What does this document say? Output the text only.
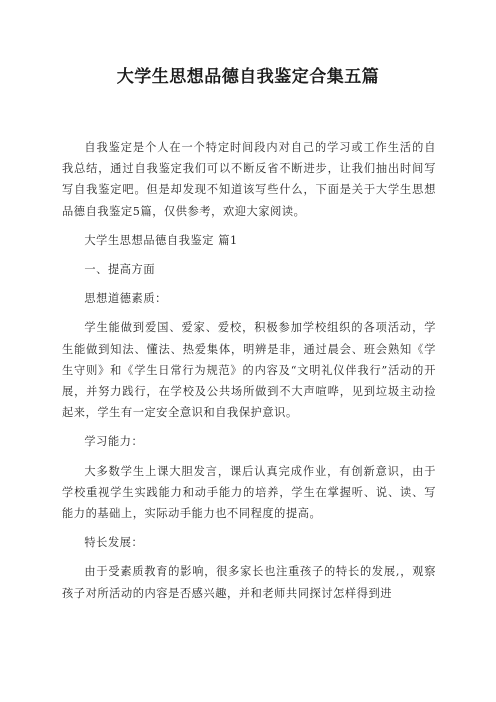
大学生思想品德自我鉴定合集五篇

自我鉴定是个人在一个特定时间段内对自己的学习或工作生活的自我总结，通过自我鉴定我们可以不断反省不断进步，让我们抽出时间写写自我鉴定吧。但是却发现不知道该写些什么，下面是关于大学生思想品德自我鉴定5篇，仅供参考，欢迎大家阅读。

大学生思想品德自我鉴定 篇1

一、提高方面

思想道德素质：

学生能做到爱国、爱家、爱校，积极参加学校组织的各项活动，学生能做到知法、懂法、热爱集体，明辨是非，通过晨会、班会熟知《学生守则》和《学生日常行为规范》的内容及“文明礼仪伴我行”活动的开展，并努力践行，在学校及公共场所做到不大声喧哗，见到垃圾主动捡起来，学生有一定安全意识和自我保护意识。

学习能力：

大多数学生上课大胆发言，课后认真完成作业，有创新意识，由于学校重视学生实践能力和动手能力的培养，学生在掌握听、说、读、写能力的基础上，实际动手能力也不同程度的提高。

特长发展：

由于受素质教育的影响，很多家长也注重孩子的特长的发展,，观察孩子对所活动的内容是否感兴趣，并和老师共同探讨怎样得到进
